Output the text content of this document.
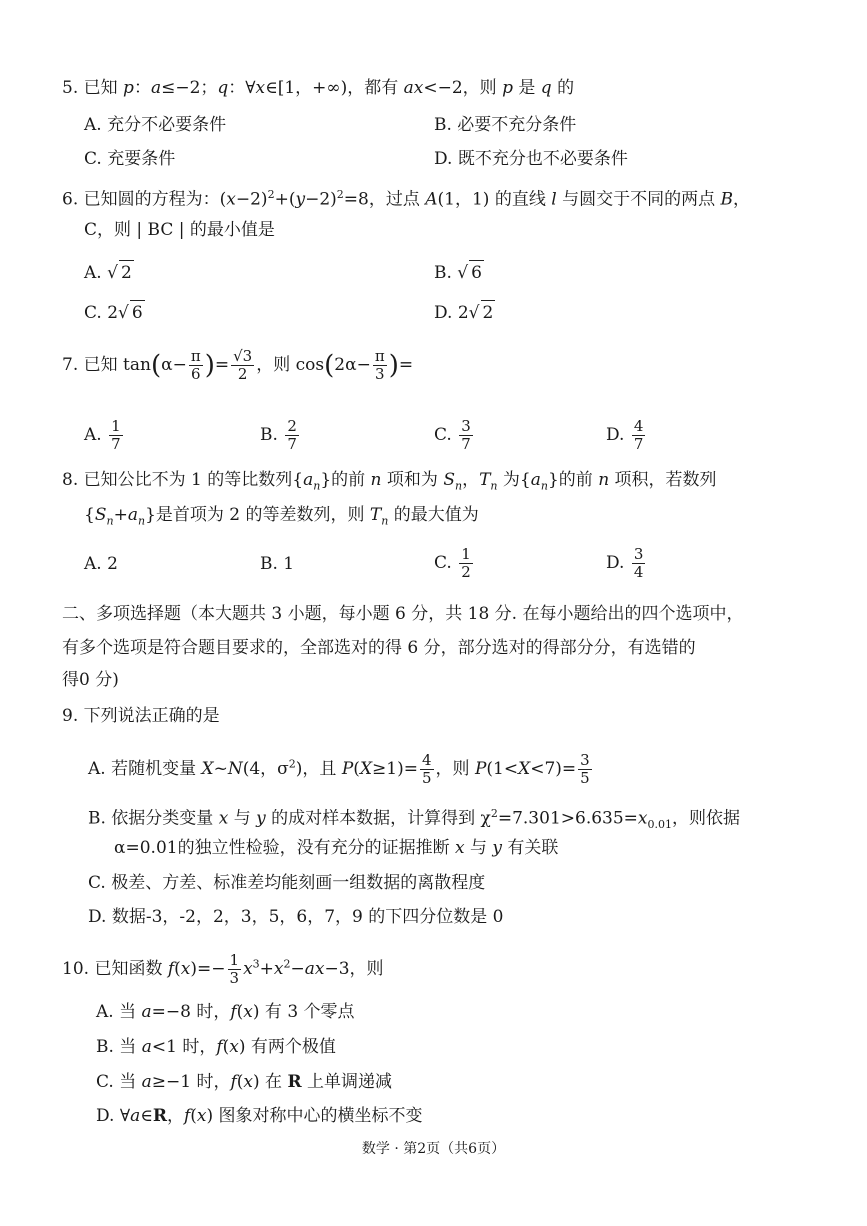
5. 已知 p：a≤−2；q：∀x∈[1，+∞)，都有 ax<−2，则 p 是 q 的
A. 充分不必要条件	B. 必要不充分条件
C. 充要条件	D. 既不充分也不必要条件
6. 已知圆的方程为：$(x-2)^2+(y-2)^2=8$，过点 A(1，1) 的直线 l 与圆交于不同的两点 B，
C，则 | BC | 的最小值是
A. √ 2	B. √ 6
C. 2√ 6	D. 2√ 2
7. 已知 $\tan(\alpha- \frac{\pi}{6}$ )= $\frac{√3}{2}$ ，则 $\cos(2\alpha- \frac{\pi}{3}$ )=
A. $\frac{1}{7}$	B. $\frac{2}{7}$	C. $\frac{3}{7}$	D. $\frac{4}{7}$
8. 已知公比不为 1 的等比数列$\{a_n\}$的前 n 项和为 $S_n$，$T_n$ 为$\{a_n\}$的前 n 项积，若数列
$\{S_n+a_n\}$是首项为 2 的等差数列，则 $T_n$ 的最大值为
A. 2	B. 1	C. $\frac{1}{2}$	D. $\frac{3}{4}$
二、多项选择题（本大题共 3 小题，每小题 6 分，共 18 分. 在每小题给出的四个选项中，
有多个选项是符合题目要求的，全部选对的得 6 分，部分选对的得部分分，有选错的
得0 分)
9. 下列说法正确的是
A. 若随机变量 X~N(4，$\sigma^2$)，且 $P(X\ge 1)= \frac{4}{5}$ ，则 $P(1<X<7)= \frac{3}{5}$
B. 依据分类变量 x 与 y 的成对样本数据，计算得到 $\chi^2=7.301>6.635=x_{0.01}$，则依据
α=0.01的独立性检验，没有充分的证据推断 x 与 y 有关联
C. 极差、方差、标准差均能刻画一组数据的离散程度
D. 数据-3，-2，2，3，5，6，7，9 的下四分位数是 0
10. 已知函数 $f(x)=- \frac{1}{3} x^3+x^2-ax-3$，则
A. 当 a=−8 时，f(x) 有 3 个零点
B. 当 a<1 时，f(x) 有两个极值
C. 当 a≥−1 时，f(x) 在 R 上单调递减
D. ∀a∈R，f(x) 图象对称中心的横坐标不变
数学 · 第2页（共6页）
